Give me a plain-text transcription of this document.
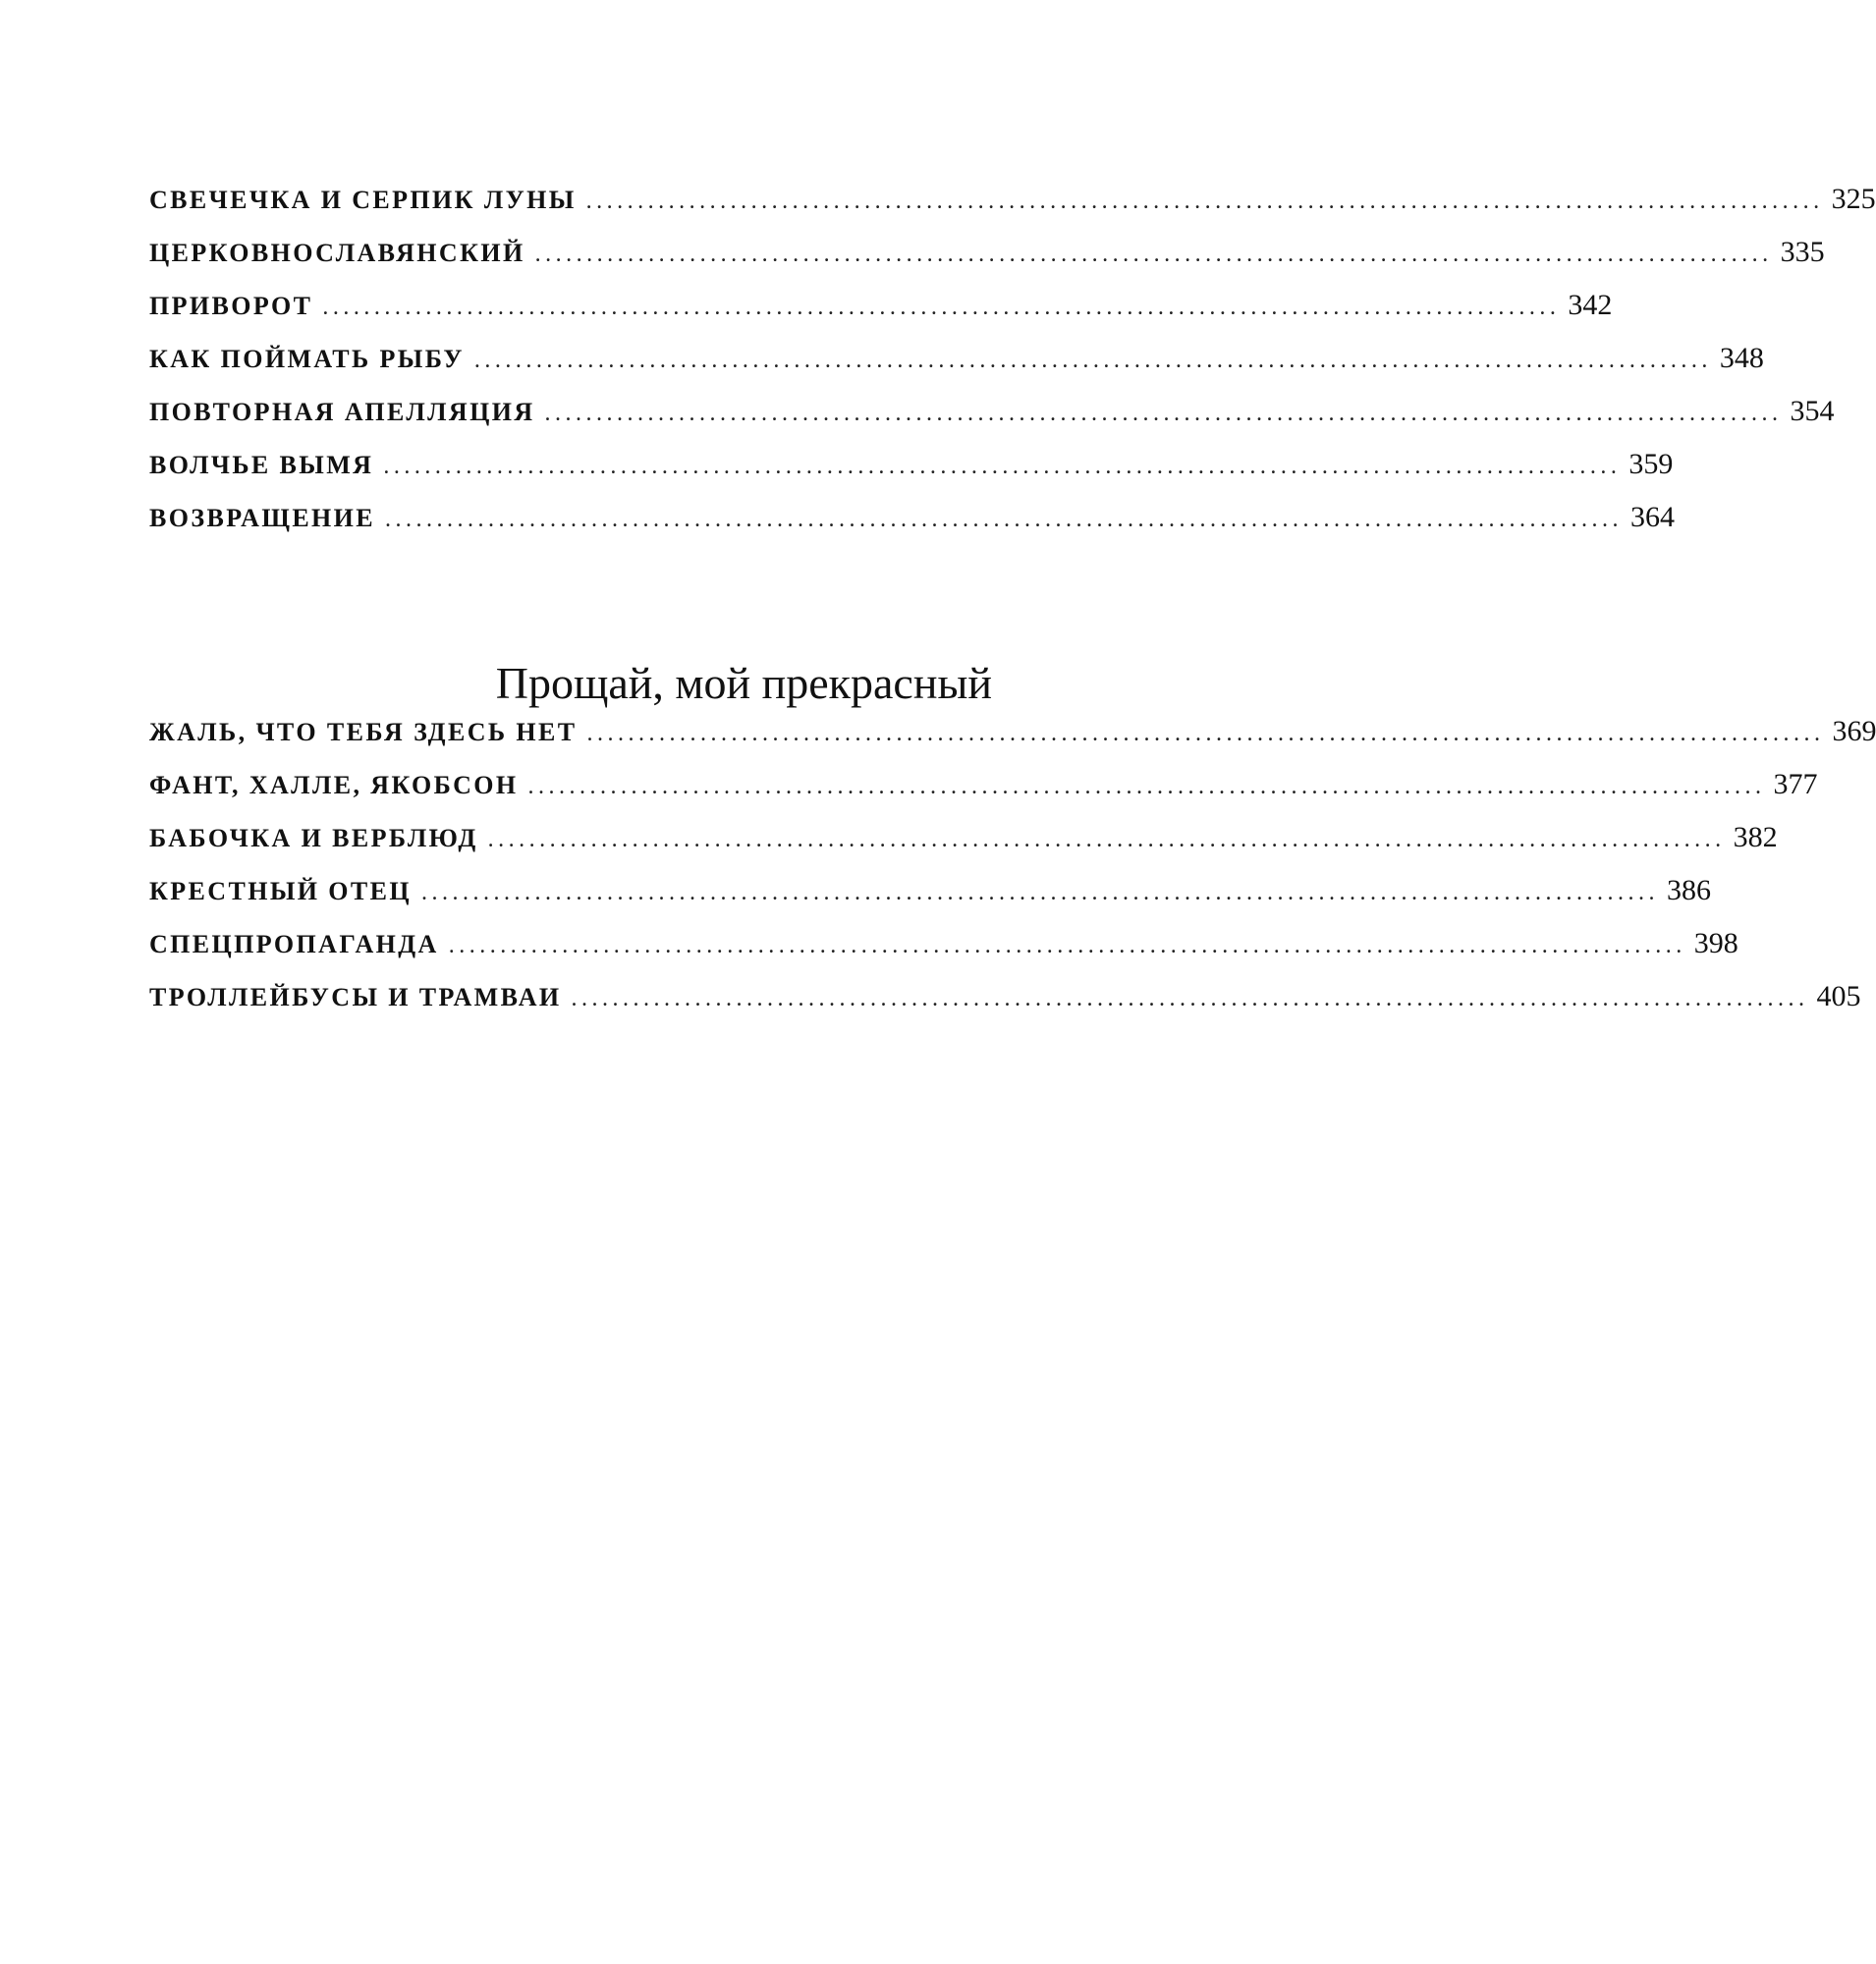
СВЕЧЕЧКА И СЕРПИК ЛУНЫ ........................................................................................................................ 325
ЦЕРКОВНОСЛАВЯНСКИЙ ........................................................................................................................ 335
ПРИВОРОТ ........................................................................................................................ 342
КАК ПОЙМАТЬ РЫБУ ........................................................................................................................ 348
ПОВТОРНАЯ АПЕЛЛЯЦИЯ ........................................................................................................................ 354
ВОЛЧЬЕ ВЫМЯ ........................................................................................................................ 359
ВОЗВРАЩЕНИЕ ........................................................................................................................ 364
Прощай, мой прекрасный
ЖАЛЬ, ЧТО ТЕБЯ ЗДЕСЬ НЕТ ........................................................................................................................ 369
ФАНТ, ХАЛЛЕ, ЯКОБСОН ........................................................................................................................ 377
БАБОЧКА И ВЕРБЛЮД ........................................................................................................................ 382
КРЕСТНЫЙ ОТЕЦ ........................................................................................................................ 386
СПЕЦПРОПАГАНДА ........................................................................................................................ 398
ТРОЛЛЕЙБУСЫ И ТРАМВАИ ........................................................................................................................ 405
